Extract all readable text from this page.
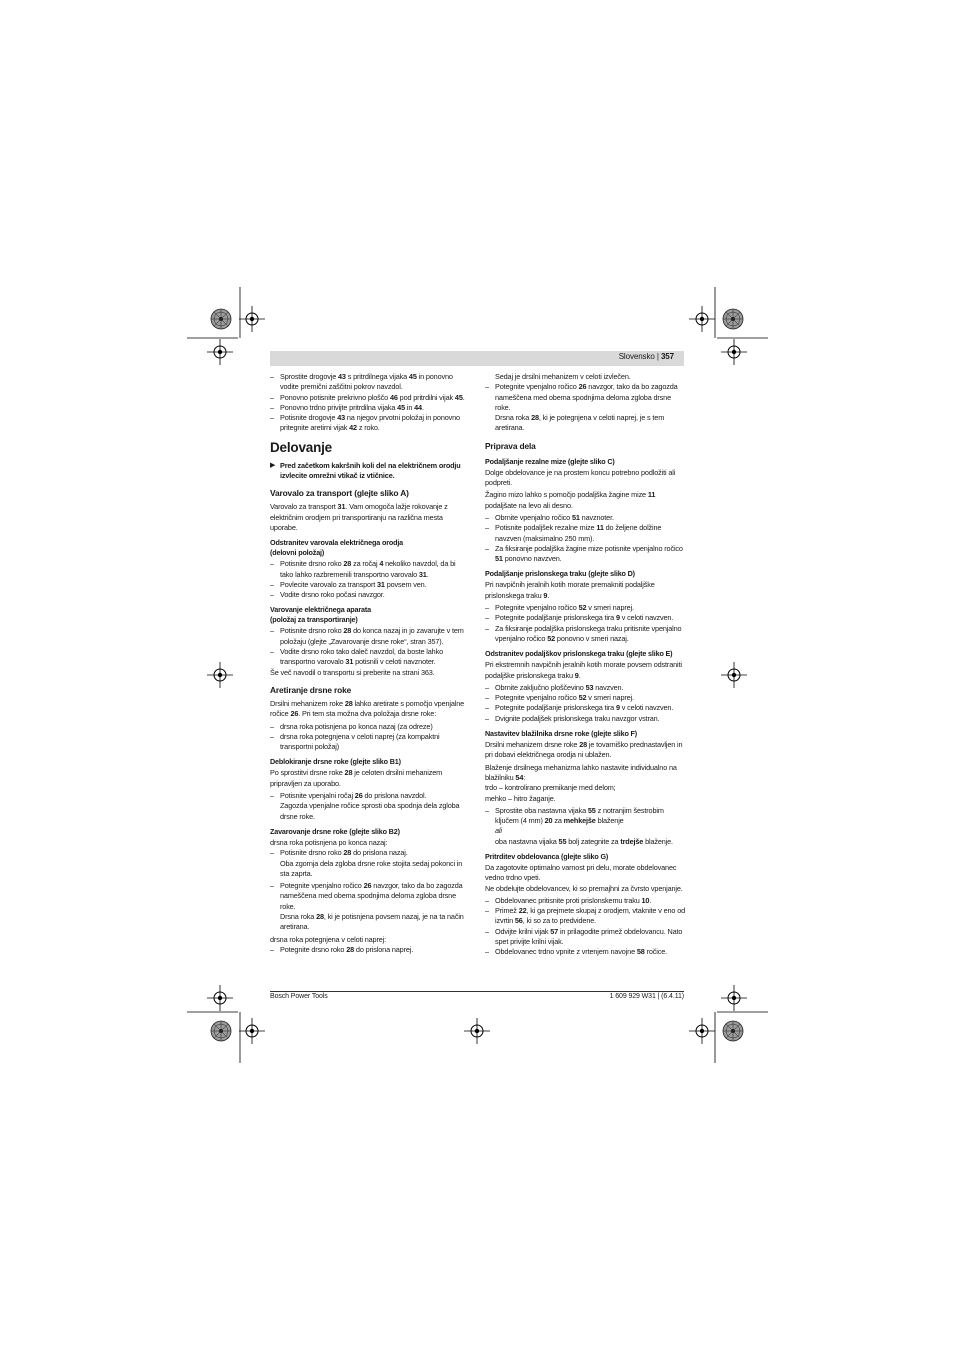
Slovensko | 357

– Sprostite drogovje 43 s pritrdilnega vijaka 45 in ponovno vodite premični zaščitni pokrov navzdol.

– Ponovno potisnite prekrivno ploščo 46 pod pritrdilni vijak 45.

– Ponovno trdno privijte pritrdilna vijaka 45 in 44.

– Potisnite drogovje 43 na njegov prvotni položaj in ponovno pritegnite aretirni vijak 42 z roko.

Delovanje
▶ Pred začetkom kakršnih koli del na električnem orodju izvlecite omrežni vtikač iz vtičnice.
Varovalo za transport (glejte sliko A)

Varovalo za transport 31. Vam omogoča lažje rokovanje z električnim orodjem pri transportiranju na različna mesta uporabe.

Odstranitev varovala električnega orodja
(delovni položaj)

– Potisnite drsno roko 28 za ročaj 4 nekoliko navzdol, da bi tako lahko razbremenili transportno varovalo 31.

– Povlecite varovalo za transport 31 povsem ven.

– Vodite drsno roko počasi navzgor.

Varovanje električnega aparata
(položaj za transportiranje)

– Potisnite drsno roko 28 do konca nazaj in jo zavarujte v tem položaju (glejte „Zavarovanje drsne roke“, stran 357).

– Vodite drsno roko tako daleč navzdol, da boste lahko transportno varovalo 31 potisnili v celoti navznoter.

Še več navodil o transportu si preberite na strani 363.

Aretiranje drsne roke

Drsilni mehanizem roke 28 lahko aretirate s pomočjo vpenjalne ročice 26. Pri tem sta možna dva položaja drsne roke:

– drsna roka potisnjena po konca nazaj (za odreze)

– drsna roka potegnjena v celoti naprej (za kompaktni transportni položaj)

Deblokiranje drsne roke (glejte sliko B1)

Po sprostitvi drsne roke 28 je celoten drsilni mehanizem pripravljen za uporabo.

– Potisnite vpenjalni ročaj 26 do prislona navzdol.

Zagozda vpenjalne ročice sprosti oba spodnja dela zgloba drsne roke.

Zavarovanje drsne roke (glejte sliko B2)

drsna roka potisnjena po konca nazaj:

– Potisnite drsno roko 28 do prislona nazaj.

Oba zgornja dela zgloba drsne roke stojita sedaj pokonci in sta zaprta.

– Potegnite vpenjalno ročico 26 navzgor, tako da bo zagozda nameščena med obema spodnjima deloma zgloba drsne roke.

Drsna roka 28, ki je potisnjena povsem nazaj, je na ta način aretirana.

drsna roka potegnjena v celoti naprej:

– Potegnite drsno roko 28 do prislona naprej.

Sedaj je drsilni mehanizem v celoti izvlečen.

– Potegnite vpenjalno ročico 26 navzgor, tako da bo zagozda nameščena med obema spodnjima deloma zgloba drsne roke.

Drsna roka 28, ki je potegnjena v celoti naprej, je s tem aretirana.

Priprava dela
Podaljšanje rezalne mize (glejte sliko C)

Dolge obdelovance je na prostem koncu potrebno podložiti ali podpreti.

Žagino mizo lahko s pomočjo podaljška žagine mize 11 podaljšate na levo ali desno.

– Obrnite vpenjalno ročico 51 navznoter.

– Potisnite podaljšek rezalne mize 11 do željene dolžine navzven (maksimalno 250 mm).

– Za fiksiranje podaljška žagine mize potisnite vpenjalno ročico 51 ponovno navzven.

Podaljšanje prislonskega traku (glejte sliko D)

Pri navpičnih jeralnih kotih morate premakniti podaljške prislonskega traku 9.

– Potegnite vpenjalno ročico 52 v smeri naprej.

– Potegnite podaljšanje prislonskega tira 9 v celoti navzven.

– Za fiksiranje podaljška prislonskega traku pritisnite vpenjalno vpenjalno ročico 52 ponovno v smeri nazaj.

Odstranitev podaljškov prislonskega traku (glejte sliko E)

Pri ekstremnih navpičnih jeralnih kotih morate povsem odstraniti podaljške prislonskega traku 9.

– Obrnite zaključno ploščevino 53 navzven.

– Potegnite vpenjalno ročico 52 v smeri naprej.

– Potegnite podaljšanje prislonskega tira 9 v celoti navzven.

– Dvignite podaljšek prislonskega traku navzgor vstran.

Nastavitev blažilnika drsne roke (glejte sliko F)

Drsilni mehanizem drsne roke 28 je tovarniško prednastavljen in pri dobavi električnega orodja ni ublažen.

Blaženje drsilnega mehanizma lahko nastavite individualno na blažilniku 54:

trdo – kontrolirano premikanje med delom;

mehko – hitro žaganje.

– Sprostite oba nastavna vijaka 55 z notranjim šestrobim ključem (4 mm) 20 za mehkejše blaženje

ali

oba nastavna vijaka 55 bolj zategnite za trdejše blaženje.

Pritrditev obdelovanca (glejte sliko G)

Da zagotovite optimalno varnost pri delu, morate obdelovanec vedno trdno vpeti.

Ne obdelujte obdelovancev, ki so premajhni za čvrsto vpenjanje.

– Obdelovanec pritisnite proti prislonskemu traku 10.

– Primež 22, ki ga prejmete skupaj z orodjem, vtaknite v eno od izvrtin 56, ki so za to predvidene.

– Odvijte krilni vijak 57 in prilagodite primež obdelovancu. Nato spet privijte krilni vijak.

– Obdelovanec trdno vpnite z vrtenjem navojne 58 ročice.

Bosch Power Tools	1 609 929 W31 | (6.4.11)
